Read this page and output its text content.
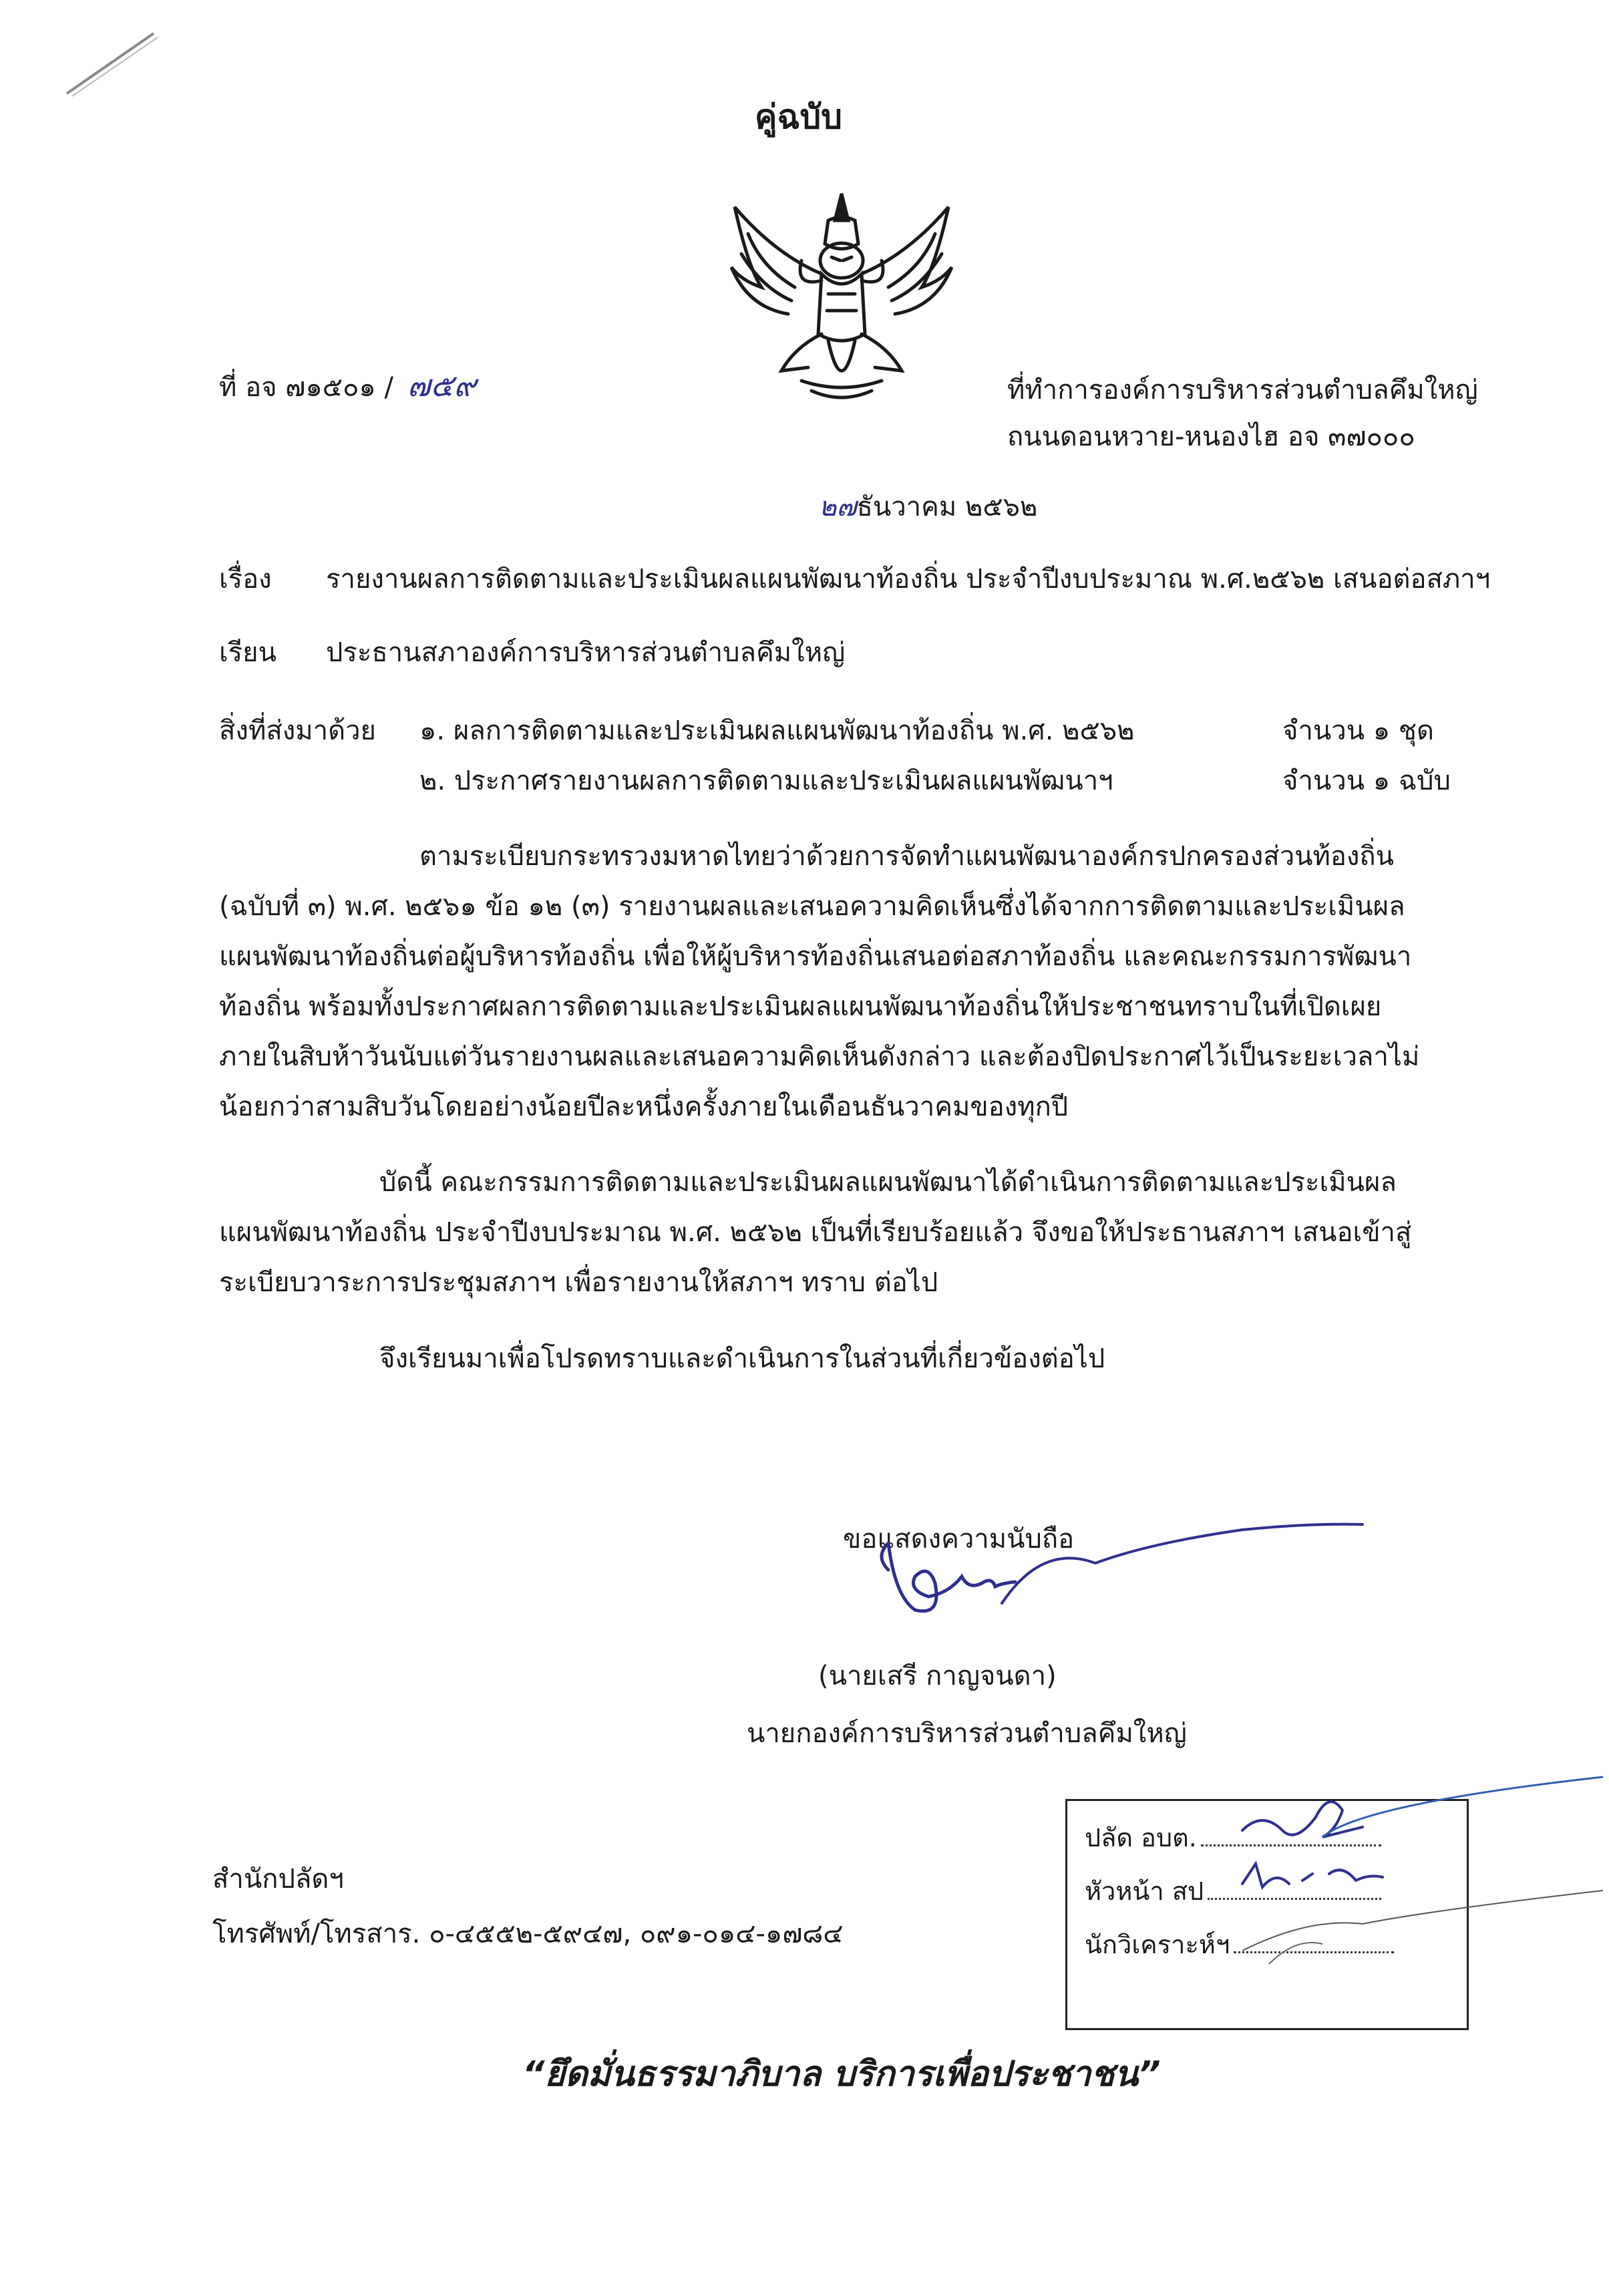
คู่ฉบับ
ที่ อจ ๗๑๕๐๑ / ๗๕๙	ที่ทำการองค์การบริหารส่วนตำบลคึมใหญ่
ถนนดอนหวาย-หนองไฮ อจ ๓๗๐๐๐
๒๗ธันวาคม ๒๕๖๒
เรื่อง รายงานผลการติดตามและประเมินผลแผนพัฒนาท้องถิ่น ประจำปีงบประมาณ พ.ศ.๒๕๖๒ เสนอต่อสภาฯ
เรียน ประธานสภาองค์การบริหารส่วนตำบลคึมใหญ่
สิ่งที่ส่งมาด้วย ๑. ผลการติดตามและประเมินผลแผนพัฒนาท้องถิ่น พ.ศ. ๒๕๖๒	จำนวน ๑ ชุด
๒. ประกาศรายงานผลการติดตามและประเมินผลแผนพัฒนาฯ	จำนวน ๑ ฉบับ
ตามระเบียบกระทรวงมหาดไทยว่าด้วยการจัดทำแผนพัฒนาองค์กรปกครองส่วนท้องถิ่น
(ฉบับที่ ๓) พ.ศ. ๒๕๖๑ ข้อ ๑๒ (๓) รายงานผลและเสนอความคิดเห็นซึ่งได้จากการติดตามและประเมินผล
แผนพัฒนาท้องถิ่นต่อผู้บริหารท้องถิ่น เพื่อให้ผู้บริหารท้องถิ่นเสนอต่อสภาท้องถิ่น และคณะกรรมการพัฒนา
ท้องถิ่น พร้อมทั้งประกาศผลการติดตามและประเมินผลแผนพัฒนาท้องถิ่นให้ประชาชนทราบในที่เปิดเผย
ภายในสิบห้าวันนับแต่วันรายงานผลและเสนอความคิดเห็นดังกล่าว และต้องปิดประกาศไว้เป็นระยะเวลาไม่
น้อยกว่าสามสิบวันโดยอย่างน้อยปีละหนึ่งครั้งภายในเดือนธันวาคมของทุกปี
บัดนี้ คณะกรรมการติดตามและประเมินผลแผนพัฒนาได้ดำเนินการติดตามและประเมินผล
แผนพัฒนาท้องถิ่น ประจำปีงบประมาณ พ.ศ. ๒๕๖๒ เป็นที่เรียบร้อยแล้ว จึงขอให้ประธานสภาฯ เสนอเข้าสู่
ระเบียบวาระการประชุมสภาฯ เพื่อรายงานให้สภาฯ ทราบ ต่อไป
จึงเรียนมาเพื่อโปรดทราบและดำเนินการในส่วนที่เกี่ยวข้องต่อไป
ขอแสดงความนับถือ
(นายเสรี กาญจนดา)
นายกองค์การบริหารส่วนตำบลคึมใหญ่
สำนักปลัดฯ
โทรศัพท์/โทรสาร. ๐-๔๕๕๒-๕๙๔๗, ๐๙๑-๐๑๔-๑๗๘๔
ปลัด อบต.
หัวหน้า สป
นักวิเคราะห์ฯ
“ยึดมั่นธรรมาภิบาล บริการเพื่อประชาชน”
